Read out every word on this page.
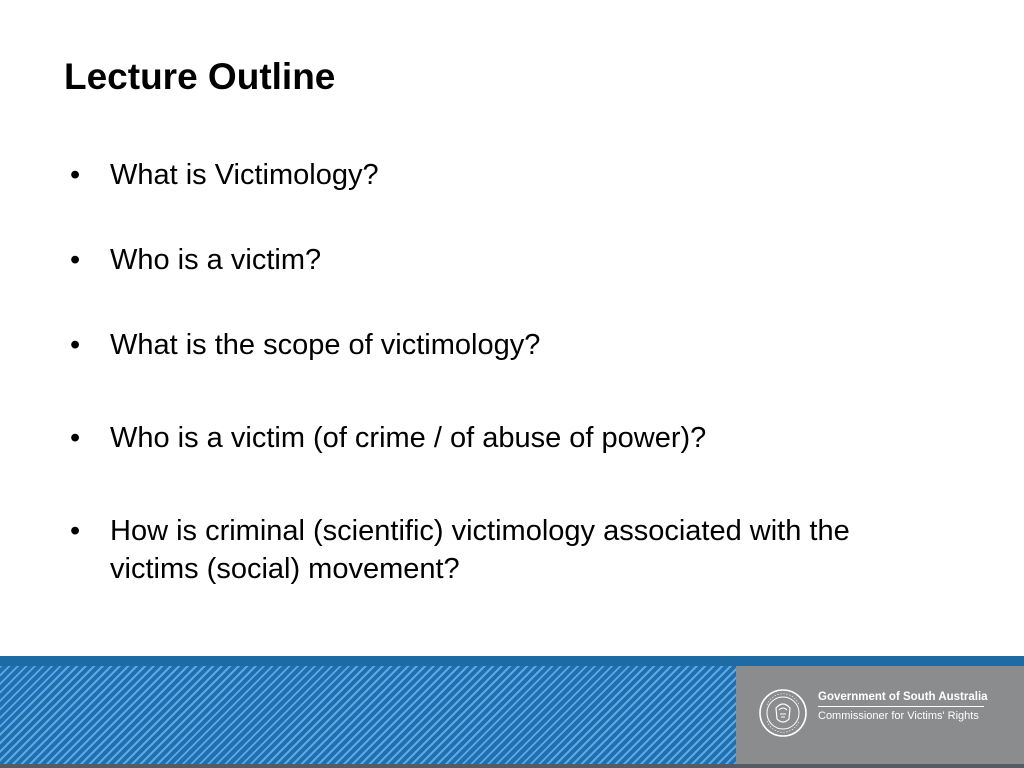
Lecture Outline
•	What is Victimology?
•	Who is a victim?
•	What is the scope of victimology?
•	Who is a victim (of crime / of abuse of power)?
•	How is criminal (scientific) victimology associated with the victims (social) movement?
Government of South Australia
Commissioner for Victims' Rights
